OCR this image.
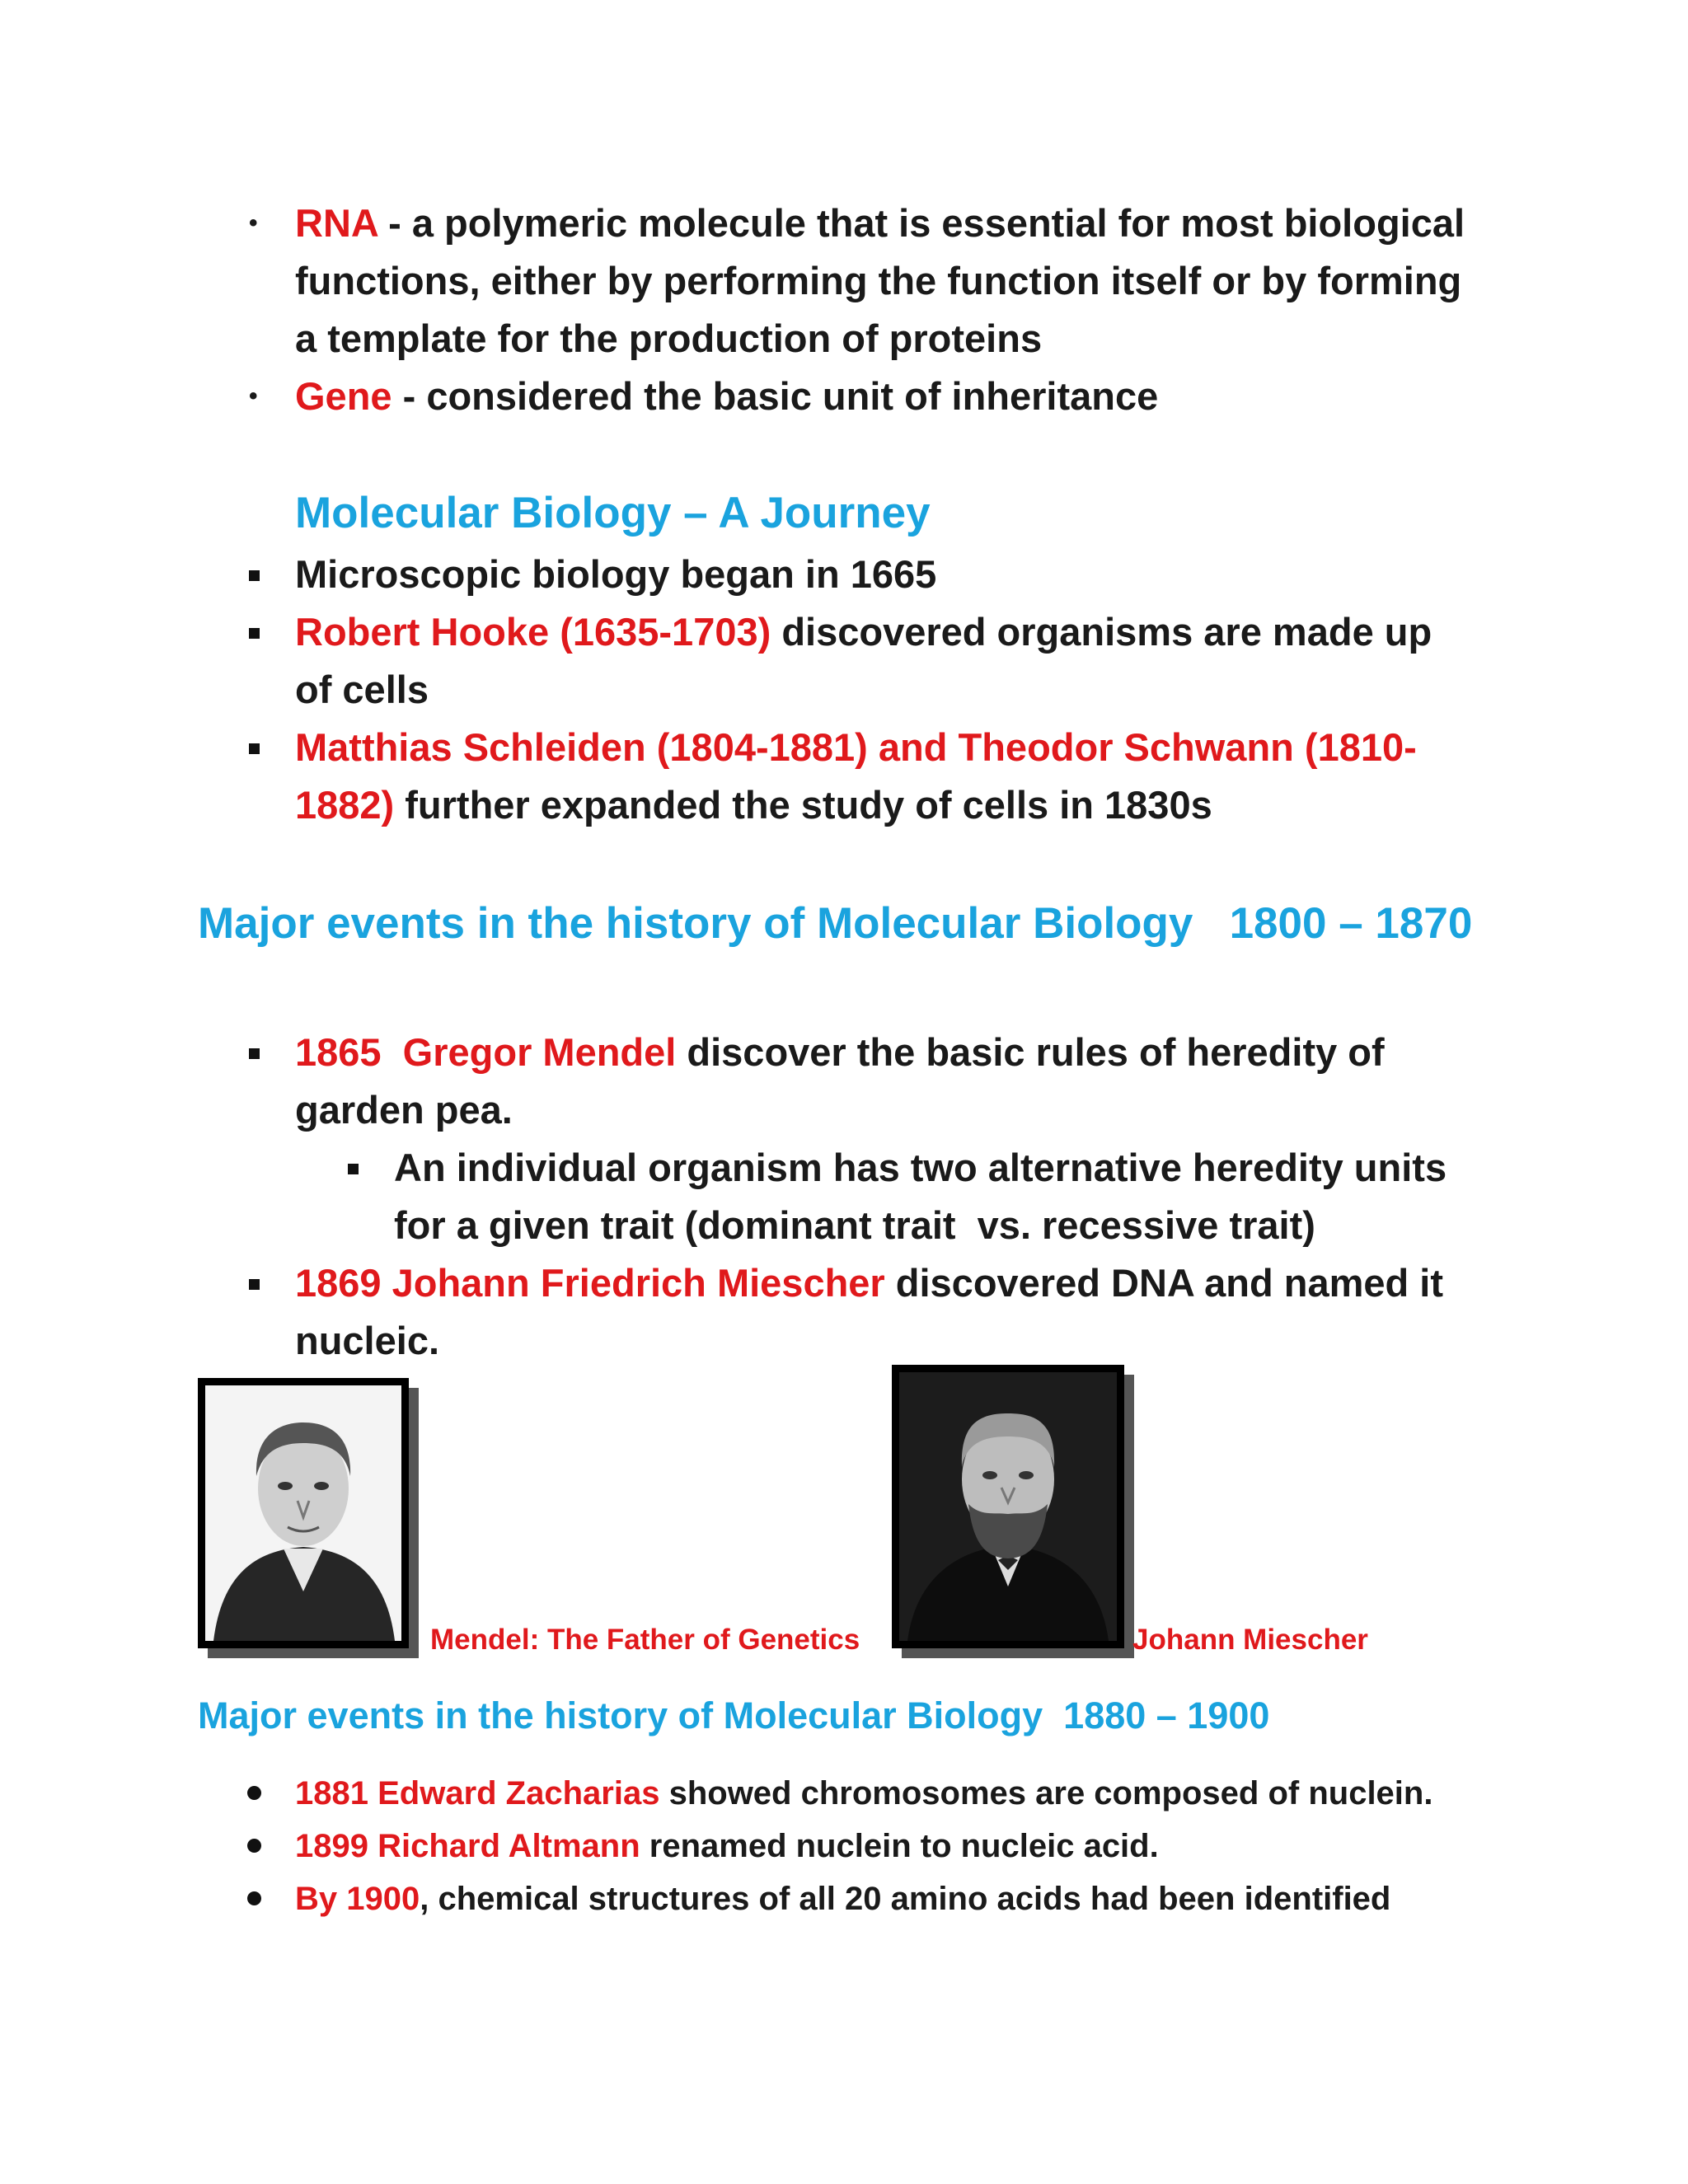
• RNA - a polymeric molecule that is essential for most biological functions, either by performing the function itself or by forming a template for the production of proteins
• Gene - considered the basic unit of inheritance
Molecular Biology – A Journey
Microscopic biology began in 1665
Robert Hooke (1635-1703) discovered organisms are made up of cells
Matthias Schleiden (1804-1881) and Theodor Schwann (1810-1882) further expanded the study of cells in 1830s
Major events in the history of Molecular Biology   1800 – 1870
1865  Gregor Mendel discover the basic rules of heredity of garden pea.
An individual organism has two alternative heredity units for a given trait (dominant trait  vs. recessive trait)
1869 Johann Friedrich Miescher discovered DNA and named it nucleic.
Mendel: The Father of Genetics	Johann Miescher
Major events in the history of Molecular Biology  1880 – 1900
1881 Edward Zacharias showed chromosomes are composed of nuclein.
1899 Richard Altmann renamed nuclein to nucleic acid.
By 1900, chemical structures of all 20 amino acids had been identified
